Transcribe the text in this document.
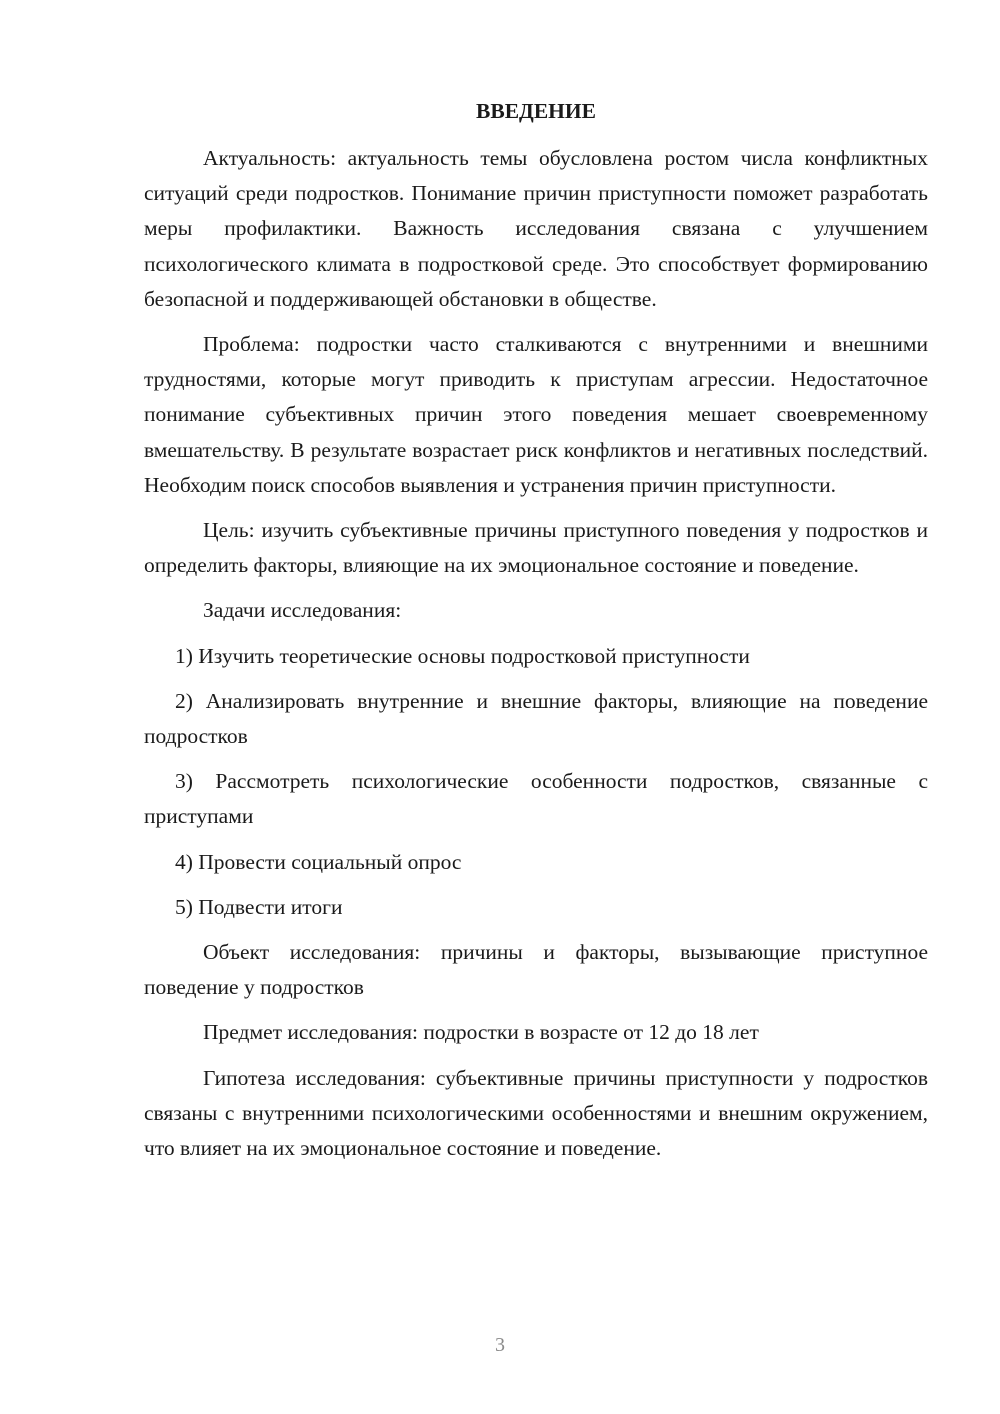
ВВЕДЕНИЕ

Актуальность: актуальность темы обусловлена ростом числа конфликтных ситуаций среди подростков. Понимание причин приступности поможет разработать меры профилактики. Важность исследования связана с улучшением психологического климата в подростковой среде. Это способствует формированию безопасной и поддерживающей обстановки в обществе.

Проблема: подростки часто сталкиваются с внутренними и внешними трудностями, которые могут приводить к приступам агрессии. Недостаточное понимание субъективных причин этого поведения мешает своевременному вмешательству. В результате возрастает риск конфликтов и негативных последствий. Необходим поиск способов выявления и устранения причин приступности.

Цель: изучить субъективные причины приступного поведения у подростков и определить факторы, влияющие на их эмоциональное состояние и поведение.

Задачи исследования:

1) Изучить теоретические основы подростковой приступности

2) Анализировать внутренние и внешние факторы, влияющие на поведение подростков

3) Рассмотреть психологические особенности подростков, связанные с приступами

4) Провести социальный опрос

5) Подвести итоги

Объект исследования: причины и факторы, вызывающие приступное поведение у подростков

Предмет исследования: подростки в возрасте от 12 до 18 лет

Гипотеза исследования: субъективные причины приступности у подростков связаны с внутренними психологическими особенностями и внешним окружением, что влияет на их эмоциональное состояние и поведение.

3
